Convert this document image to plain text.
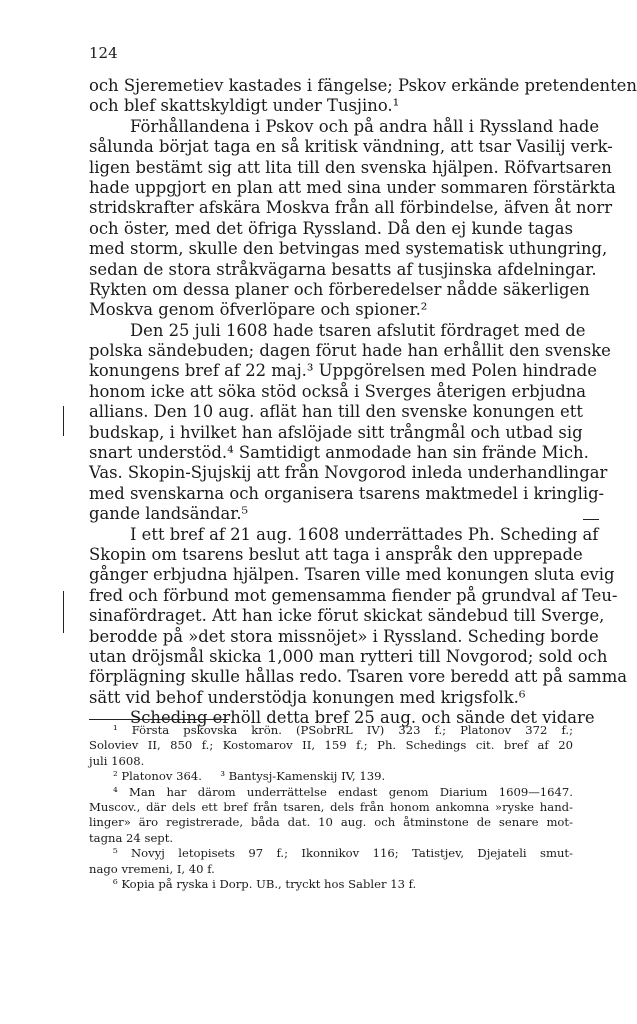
124
och Sjeremetiev kastades i fängelse; Pskov erkände pretendenten
och blef skattskyldigt under Tusjino.¹
Förhållandena i Pskov och på andra håll i Ryssland hade
sålunda börjat taga en så kritisk vändning, att tsar Vasilij verk-
ligen bestämt sig att lita till den svenska hjälpen. Röfvartsaren
hade uppgjort en plan att med sina under sommaren förstärkta
stridskrafter afskära Moskva från all förbindelse, äfven åt norr
och öster, med det öfriga Ryssland. Då den ej kunde tagas
med storm, skulle den betvingas med systematisk uthungring,
sedan de stora stråkvägarna besatts af tusjinska afdelningar.
Rykten om dessa planer och förberedelser nådde säkerligen
Moskva genom öfverlöpare och spioner.²
Den 25 juli 1608 hade tsaren afslutit fördraget med de
polska sändebuden; dagen förut hade han erhållit den svenske
konungens bref af 22 maj.³ Uppgörelsen med Polen hindrade
honom icke att söka stöd också i Sverges återigen erbjudna
allians. Den 10 aug. aflät han till den svenske konungen ett
budskap, i hvilket han afslöjade sitt trångmål och utbad sig
snart understöd.⁴ Samtidigt anmodade han sin frände Mich.
Vas. Skopin-Sjujskij att från Novgorod inleda underhandlingar
med svenskarna och organisera tsarens maktmedel i kringlig-
gande landsändar.⁵
I ett bref af 21 aug. 1608 underrättades Ph. Scheding af
Skopin om tsarens beslut att taga i anspråk den upprepade
gånger erbjudna hjälpen. Tsaren ville med konungen sluta evig
fred och förbund mot gemensamma fiender på grundval af Teu-
sinafördraget. Att han icke förut skickat sändebud till Sverge,
berodde på »det stora missnöjet» i Ryssland. Scheding borde
utan dröjsmål skicka 1,000 man rytteri till Novgorod; sold och
förplägning skulle hållas redo. Tsaren vore beredd att på samma
sätt vid behof understödja konungen med krigsfolk.⁶
Scheding erhöll detta bref 25 aug. och sände det vidare
¹ Första pskovska krön. (PSobrRL IV) 323 f.; Platonov 372 f.;
Soloviev II, 850 f.; Kostomarov II, 159 f.; Ph. Schedings cit. bref af 20
juli 1608.
² Platonov 364.     ³ Bantysj-Kamenskij IV, 139.
⁴ Man har därom underrättelse endast genom Diarium 1609—1647.
Muscov., där dels ett bref från tsaren, dels från honom ankomna »ryske hand-
linger» äro registrerade, båda dat. 10 aug. och åtminstone de senare mot-
tagna 24 sept.
⁵ Novyj letopisets 97 f.; Ikonnikov 116; Tatistjev, Djejateli smut-
nago vremeni, I, 40 f.
⁶ Kopia på ryska i Dorp. UB., tryckt hos Sabler 13 f.
